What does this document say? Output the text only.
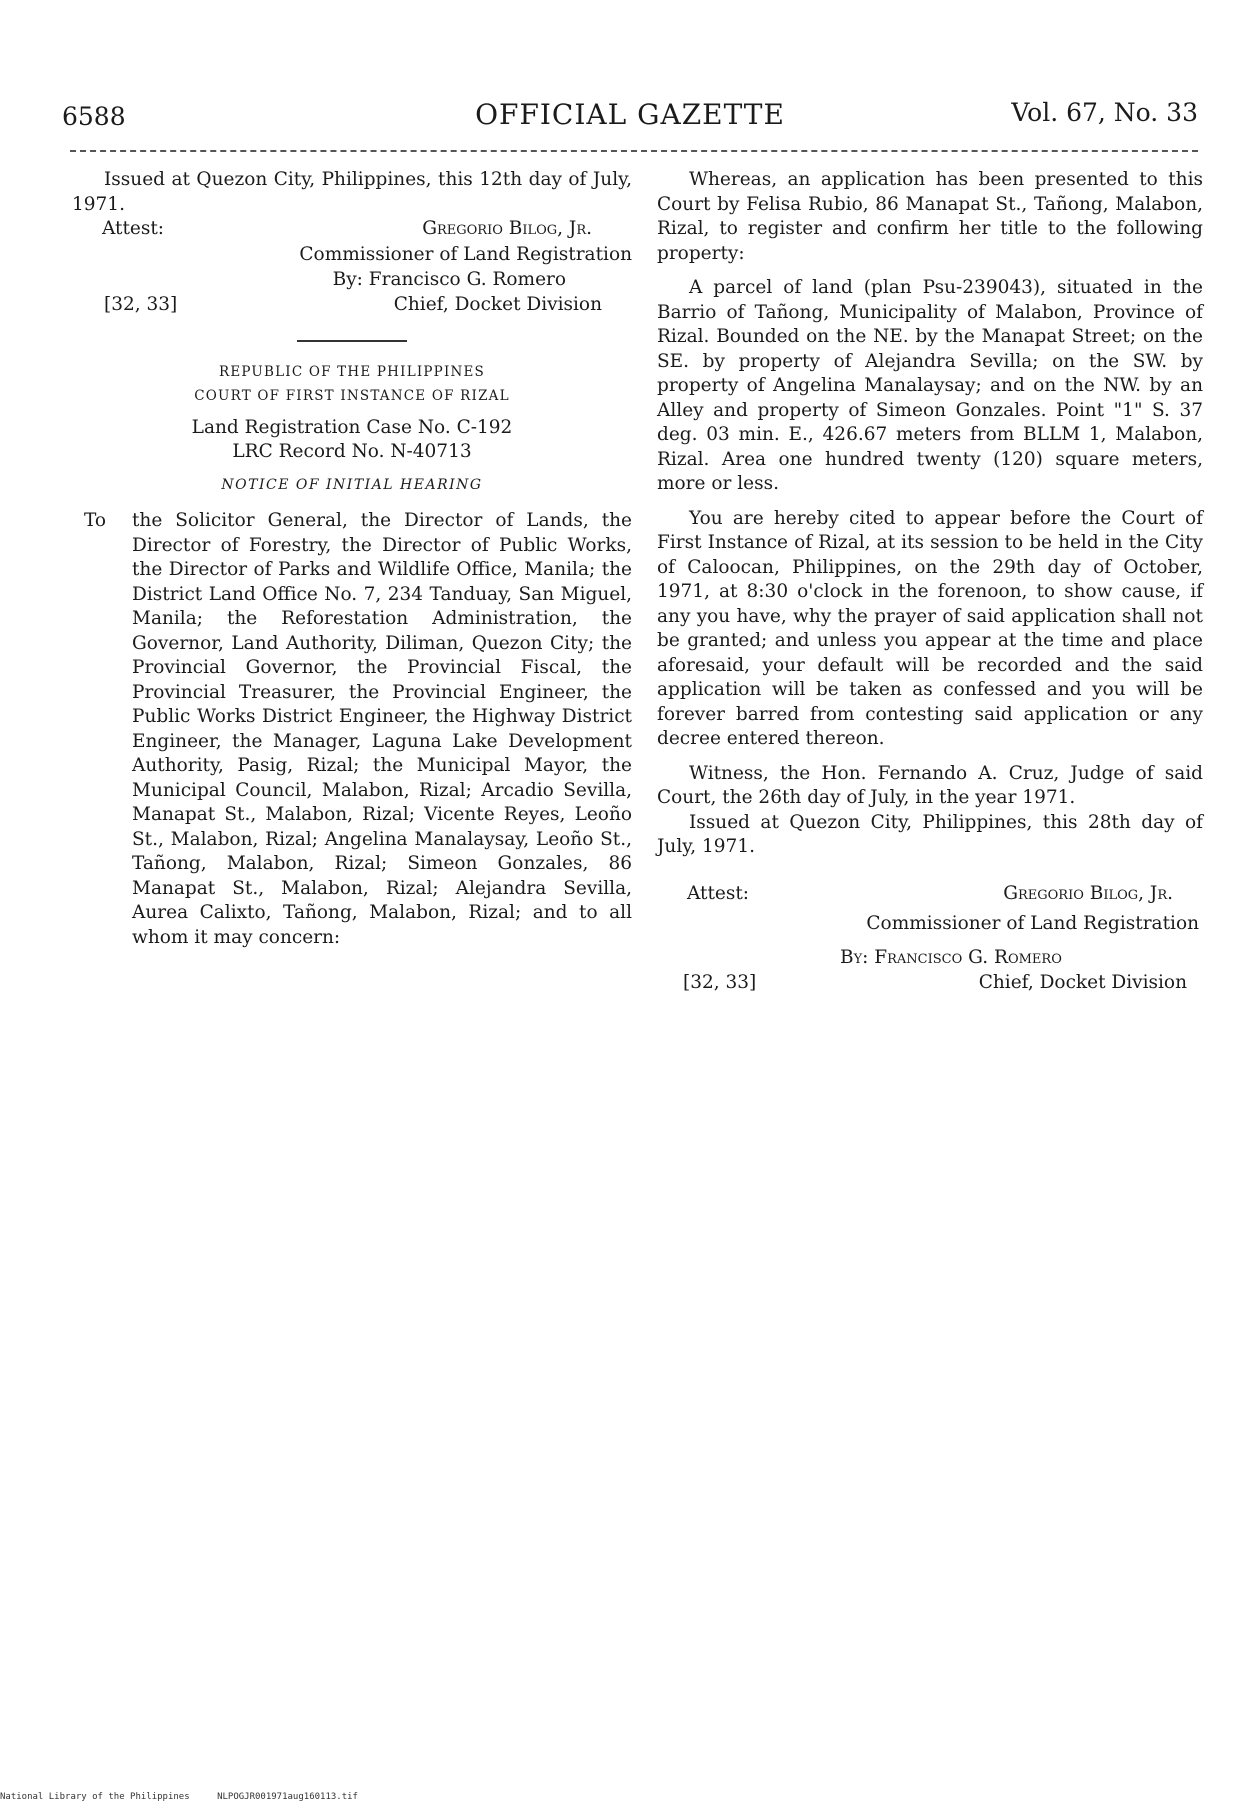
6588	OFFICIAL GAZETTE	Vol. 67, No. 33

Issued at Quezon City, Philippines, this 12th day of July, 1971.

Attest:	Gregorio Bilog, Jr.
Commissioner of Land Registration
By: Francisco G. Romero
[32, 33]	Chief, Docket Division
REPUBLIC OF THE PHILIPPINES
COURT OF FIRST INSTANCE OF RIZAL
Land Registration Case No. C-192
LRC Record No. N-40713
NOTICE OF INITIAL HEARING
To the Solicitor General, the Director of Lands, the Director of Forestry, the Director of Public Works, the Director of Parks and Wildlife Office, Manila; the District Land Office No. 7, 234 Tanduay, San Miguel, Manila; the Reforestation Administration, the Governor, Land Authority, Diliman, Quezon City; the Provincial Governor, the Provincial Fiscal, the Provincial Treasurer, the Provincial Engineer, the Public Works District Engineer, the Highway District Engineer, the Manager, Laguna Lake Development Authority, Pasig, Rizal; the Municipal Mayor, the Municipal Council, Malabon, Rizal; Arcadio Sevilla, Manapat St., Malabon, Rizal; Vicente Reyes, Leoño St., Malabon, Rizal; Angelina Manalaysay, Leoño St., Tañong, Malabon, Rizal; Simeon Gonzales, 86 Manapat St., Malabon, Rizal; Alejandra Sevilla, Aurea Calixto, Tañong, Malabon, Rizal; and to all whom it may concern:

Whereas, an application has been presented to this Court by Felisa Rubio, 86 Manapat St., Tañong, Malabon, Rizal, to register and confirm her title to the following property:

A parcel of land (plan Psu-239043), situated in the Barrio of Tañong, Municipality of Malabon, Province of Rizal. Bounded on the NE. by the Manapat Street; on the SE. by property of Alejandra Sevilla; on the SW. by property of Angelina Manalaysay; and on the NW. by an Alley and property of Simeon Gonzales. Point "1" S. 37 deg. 03 min. E., 426.67 meters from BLLM 1, Malabon, Rizal. Area one hundred twenty (120) square meters, more or less.

You are hereby cited to appear before the Court of First Instance of Rizal, at its session to be held in the City of Caloocan, Philippines, on the 29th day of October, 1971, at 8:30 o'clock in the forenoon, to show cause, if any you have, why the prayer of said application shall not be granted; and unless you appear at the time and place aforesaid, your default will be recorded and the said application will be taken as confessed and you will be forever barred from contesting said application or any decree entered thereon.

Witness, the Hon. Fernando A. Cruz, Judge of said Court, the 26th day of July, in the year 1971.

Issued at Quezon City, Philippines, this 28th day of July, 1971.

Attest:	Gregorio Bilog, Jr.
Commissioner of Land Registration
By: Francisco G. Romero
[32, 33]	Chief, Docket Division
National Library of the Philippines	NLPOGJR001971aug160113.tif
